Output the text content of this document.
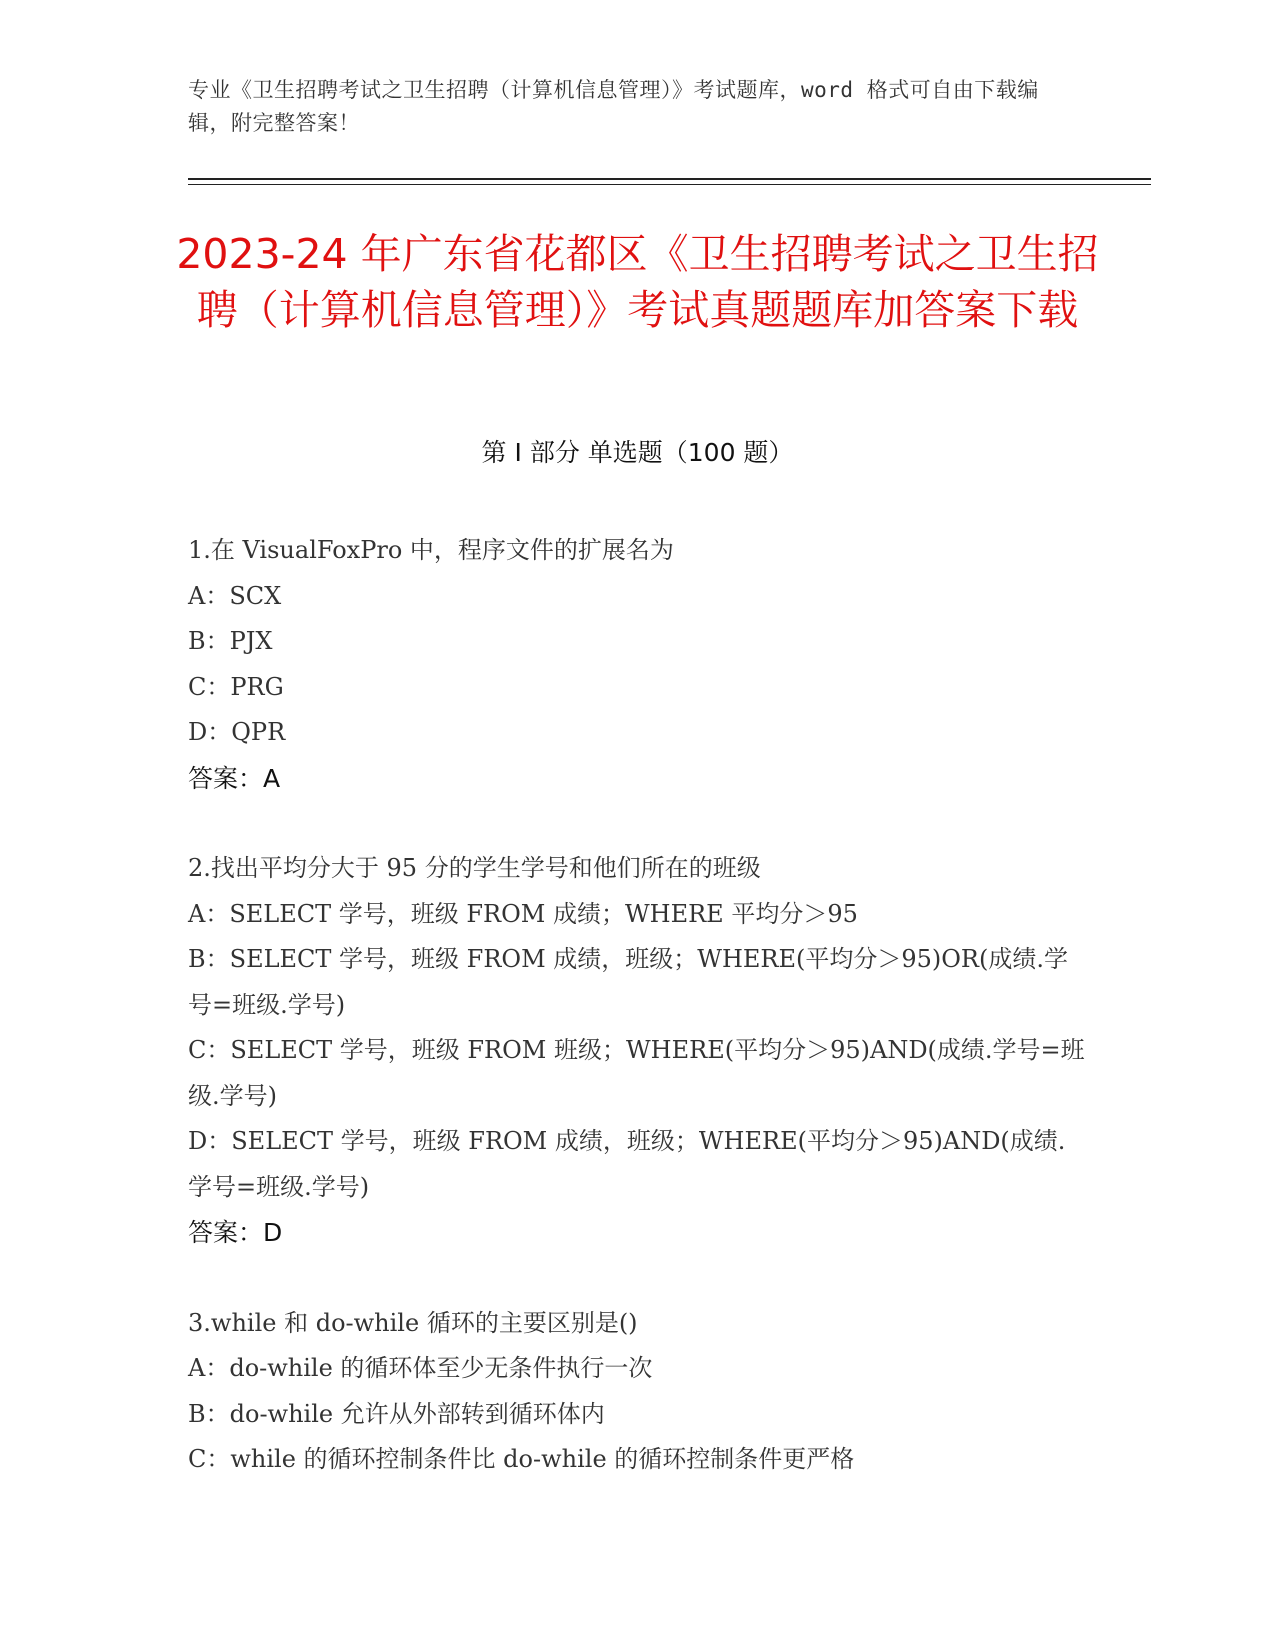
专业《卫生招聘考试之卫生招聘（计算机信息管理）》考试题库，word 格式可自由下载编辑，附完整答案！
2023-24 年广东省花都区《卫生招聘考试之卫生招聘（计算机信息管理）》考试真题题库加答案下载
第 I 部分 单选题（100 题）
1.在 VisualFoxPro 中，程序文件的扩展名为
A：SCX
B：PJX
C：PRG
D：QPR
答案：A
2.找出平均分大于 95 分的学生学号和他们所在的班级
A：SELECT 学号，班级 FROM 成绩；WHERE 平均分＞95
B：SELECT 学号，班级 FROM 成绩，班级；WHERE(平均分＞95)OR(成绩.学号=班级.学号)
C：SELECT 学号，班级 FROM 班级；WHERE(平均分＞95)AND(成绩.学号=班级.学号)
D：SELECT 学号，班级 FROM 成绩，班级；WHERE(平均分＞95)AND(成绩.学号=班级.学号)
答案：D
3.while 和 do-while 循环的主要区别是()
A：do-while 的循环体至少无条件执行一次
B：do-while 允许从外部转到循环体内
C：while 的循环控制条件比 do-while 的循环控制条件更严格
